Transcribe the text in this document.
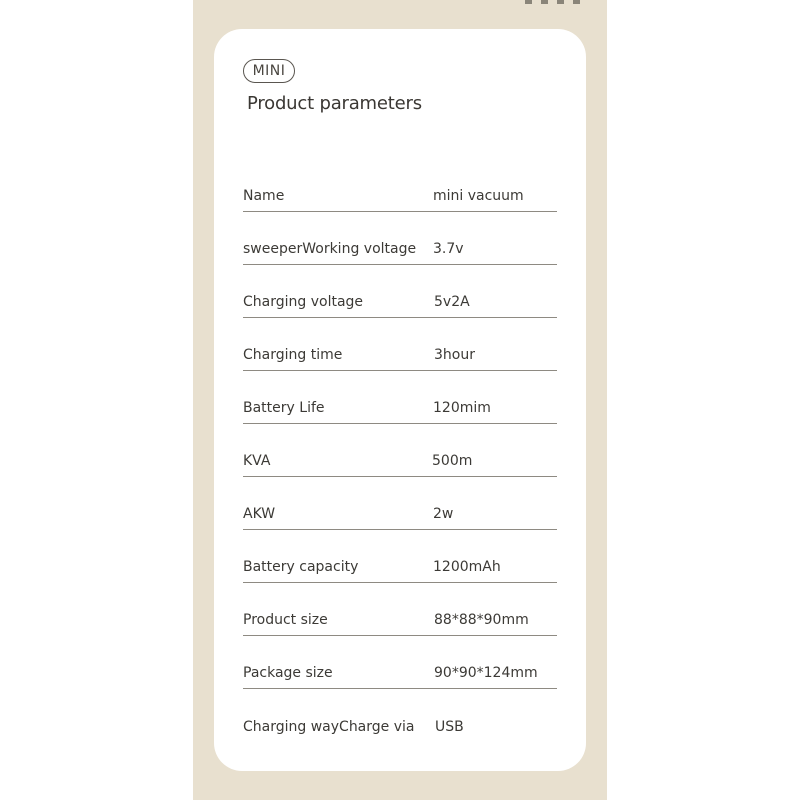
MINI
Product parameters
Name	mini vacuum
sweeperWorking voltage 3.7v
Charging voltage	5v2A
Charging time	3hour
Battery Life	120mim
KVA	500m
AKW	2w
Battery capacity	1200mAh
Product size	88*88*90mm
Package size	90*90*124mm
Charging wayCharge via USB
